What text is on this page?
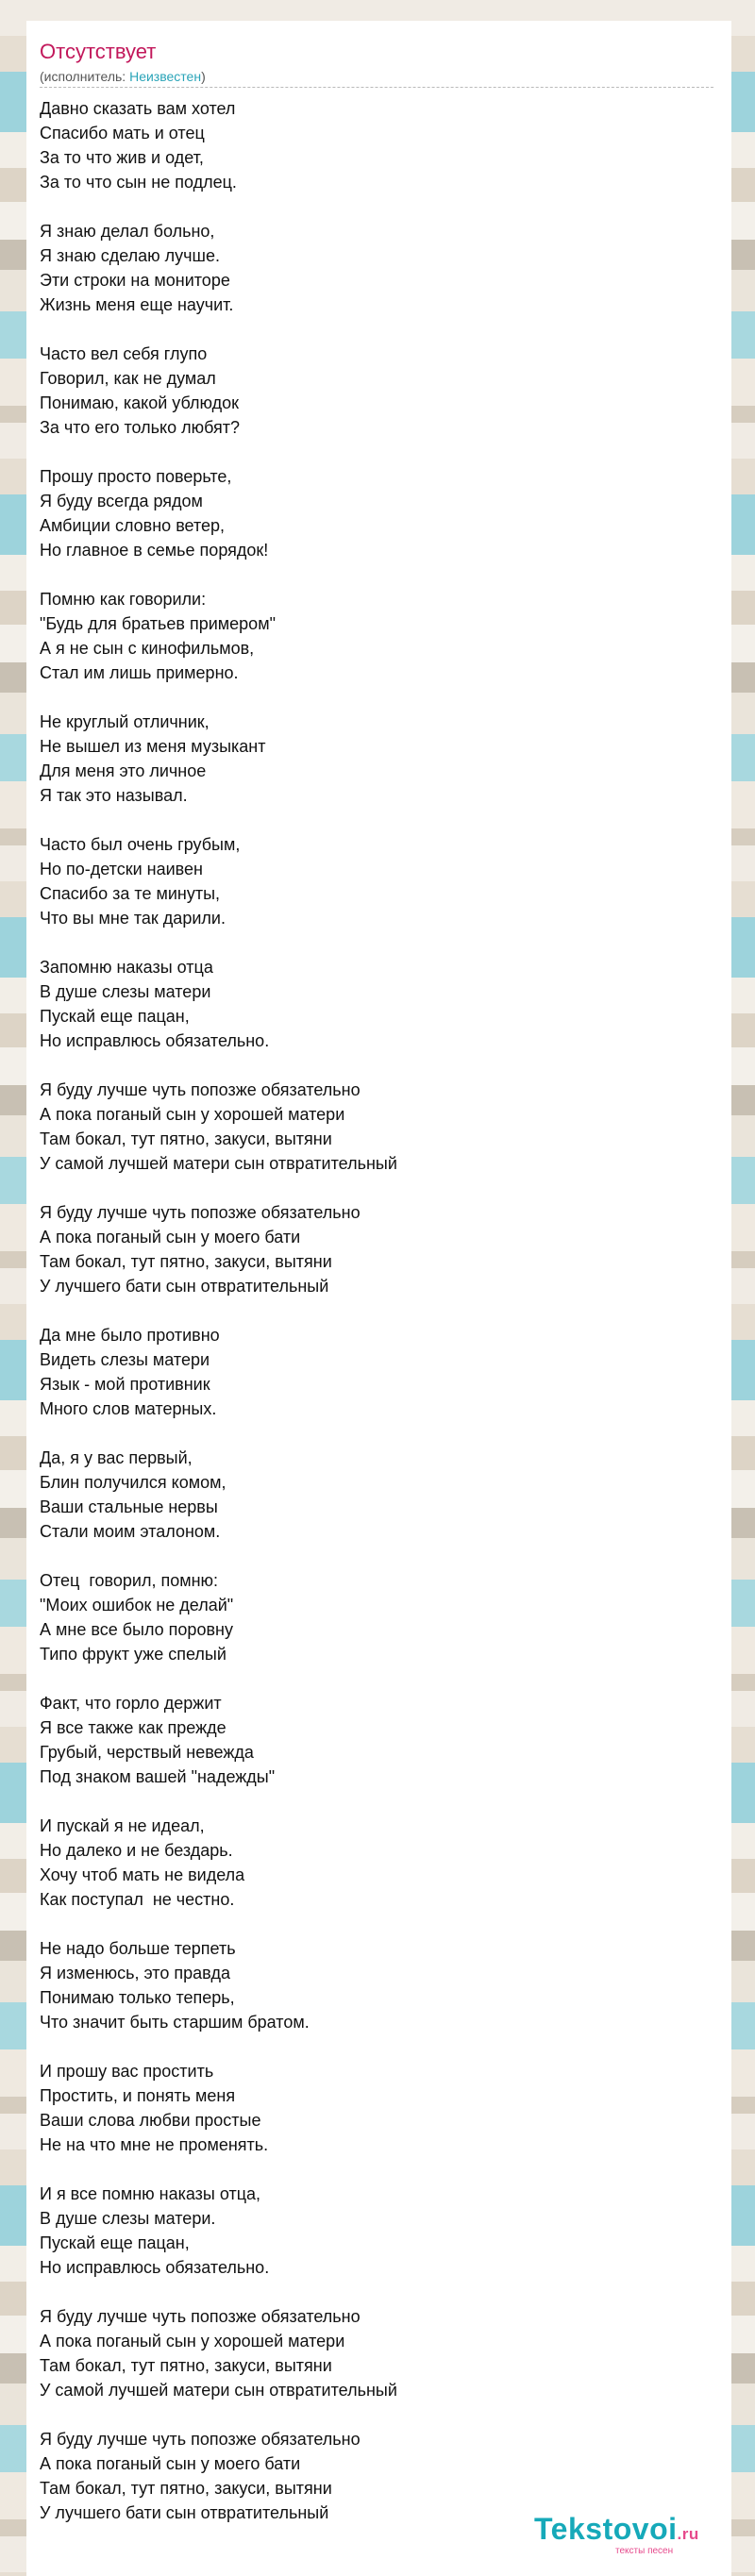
Отсутствует
(исполнитель: Неизвестен)
Давно сказать вам хотел
Спасибо мать и отец
За то что жив и одет,
За то что сын не подлец.

Я знаю делал больно,
Я знаю сделаю лучше.
Эти строки на мониторе
Жизнь меня еще научит.

Часто вел себя глупо
Говорил, как не думал
Понимаю, какой ублюдок
За что его только любят?

Прошу просто поверьте,
Я буду всегда рядом
Амбиции словно ветер,
Но главное в семье порядок!

Помню как говорили:
"Будь для братьев примером"
А я не сын с кинофильмов,
Стал им лишь примерно.

Не круглый отличник,
Не вышел из меня музыкант
Для меня это личное
Я так это называл.

Часто был очень грубым,
Но по-детски наивен
Спасибо за те минуты,
Что вы мне так дарили.

Запомню наказы отца
В душе слезы матери
Пускай еще пацан,
Но исправлюсь обязательно.

Я буду лучше чуть попозже обязательно
А пока поганый сын у хорошей матери
Там бокал, тут пятно, закуси, вытяни
У самой лучшей матери сын отвратительный

Я буду лучше чуть попозже обязательно
А пока поганый сын у моего бати
Там бокал, тут пятно, закуси, вытяни
У лучшего бати сын отвратительный

Да мне было противно
Видеть слезы матери
Язык - мой противник
Много слов матерных.

Да, я у вас первый,
Блин получился комом,
Ваши стальные нервы
Стали моим эталоном.

Отец  говорил, помню:
"Моих ошибок не делай"
А мне все было поровну
Типо фрукт уже спелый

Факт, что горло держит
Я все также как прежде
Грубый, черствый невежда
Под знаком вашей "надежды"

И пускай я не идеал,
Но далеко и не бездарь.
Хочу чтоб мать не видела
Как поступал  не честно.

Не надо больше терпеть
Я изменюсь, это правда
Понимаю только теперь,
Что значит быть старшим братом.

И прошу вас простить
Простить, и понять меня
Ваши слова любви простые
Не на что мне не променять.

И я все помню наказы отца,
В душе слезы матери.
Пускай еще пацан,
Но исправлюсь обязательно.

Я буду лучше чуть попозже обязательно
А пока поганый сын у хорошей матери
Там бокал, тут пятно, закуси, вытяни
У самой лучшей матери сын отвратительный

Я буду лучше чуть попозже обязательно
А пока поганый сын у моего бати
Там бокал, тут пятно, закуси, вытяни
У лучшего бати сын отвратительный	Tekstovoi.ru
тексты песен
